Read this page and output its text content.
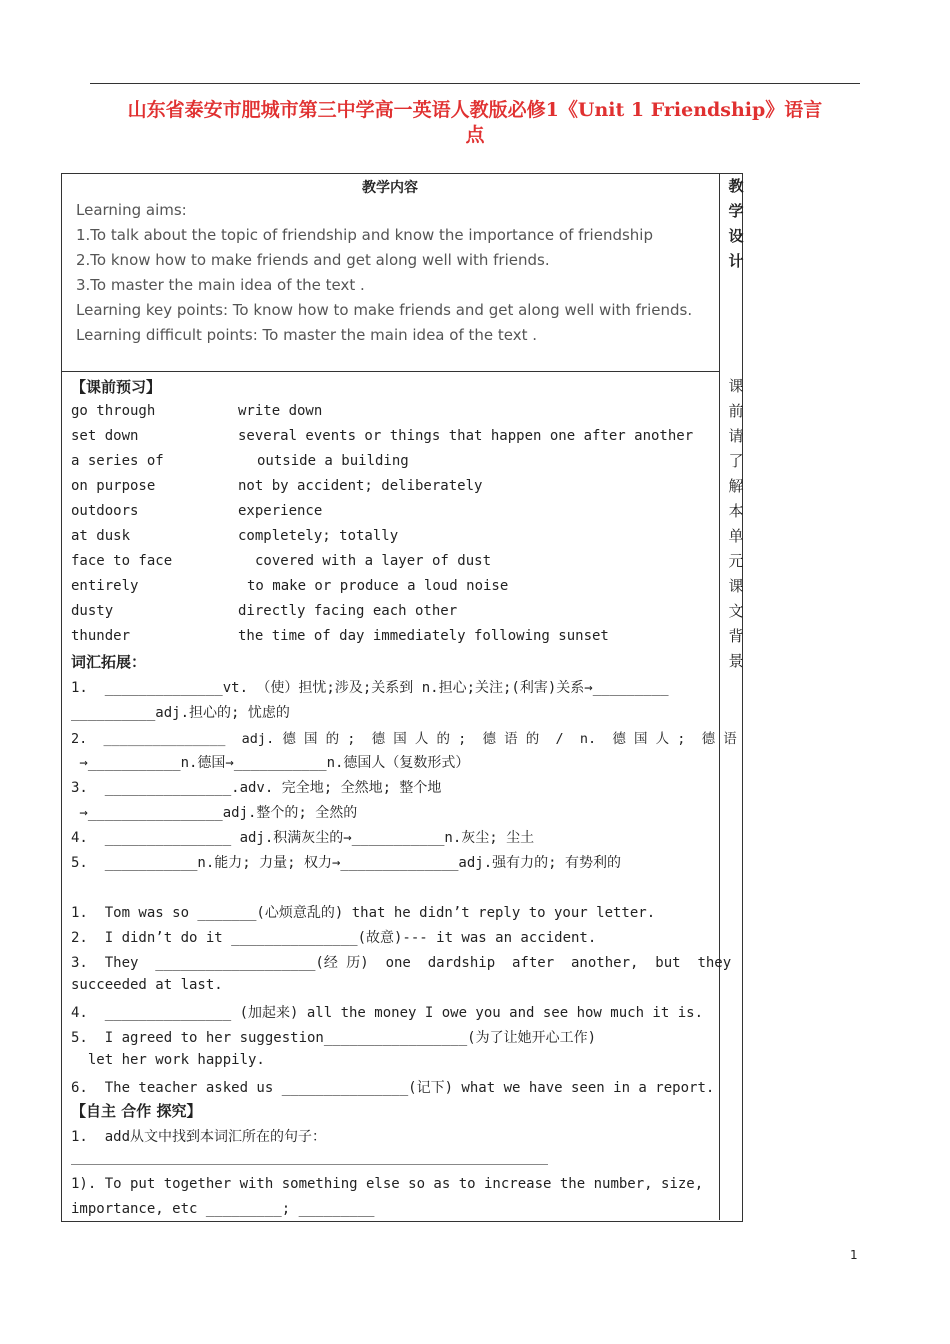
山东省泰安市肥城市第三中学高一英语人教版必修1《Unit 1 Friendship》语言
点
教学内容	教
学
设
计
课
前
请
了
解
本
单
元
课
文
背
景
Learning aims:
1.To talk about the topic of friendship and know the importance of friendship
2.To know how to make friends and get along well with friends.
3.To master the main idea of the text .
Learning key points: To know how to make friends and get along well with friends.
Learning difficult points: To master the main idea of the text .
【课前预习】
go through	write down
set down	several events or things that happen one after another
a series of	outside a building
on purpose	not by accident; deliberately
outdoors	experience
at dusk	completely; totally
face to face	covered with a layer of dust
entirely	to make or produce a loud noise
dusty	directly facing each other
thunder	the time of day immediately following sunset
词汇拓展：
1.  ______________vt. （使）担忧;涉及;关系到 n.担心;关注;(利害)关系→_________
__________adj.担心的; 忧虑的
2.  _______________  adj. 德 国 的 ;  德 国 人 的 ;  德 语 的  /  n.  德 国 人 ;  德 语
→___________n.德国→___________n.德国人（复数形式）
3.  _______________.adv. 完全地; 全然地; 整个地
→________________adj.整个的; 全然的
4.  _______________ adj.积满灰尘的→___________n.灰尘; 尘土
5.  ___________n.能力; 力量; 权力→______________adj.强有力的; 有势利的
1.  Tom was so _______(心烦意乱的) that he didn’t reply to your letter.
2.  I didn’t do it _______________(故意)--- it was an accident.
3.  They  ___________________(经 历)  one  dardship  after  another,  but  they
succeeded at last.
4.  _______________ (加起来) all the money I owe you and see how much it is.
5.  I agreed to her suggestion_________________(为了让她开心工作)
let her work happily.
6.  The teacher asked us _______________(记下) what we have seen in a report.
【自主 合作 探究】
1.  add从文中找到本词汇所在的句子：
1). To put together with something else so as to increase the number, size,
importance, etc _________; _________
1
